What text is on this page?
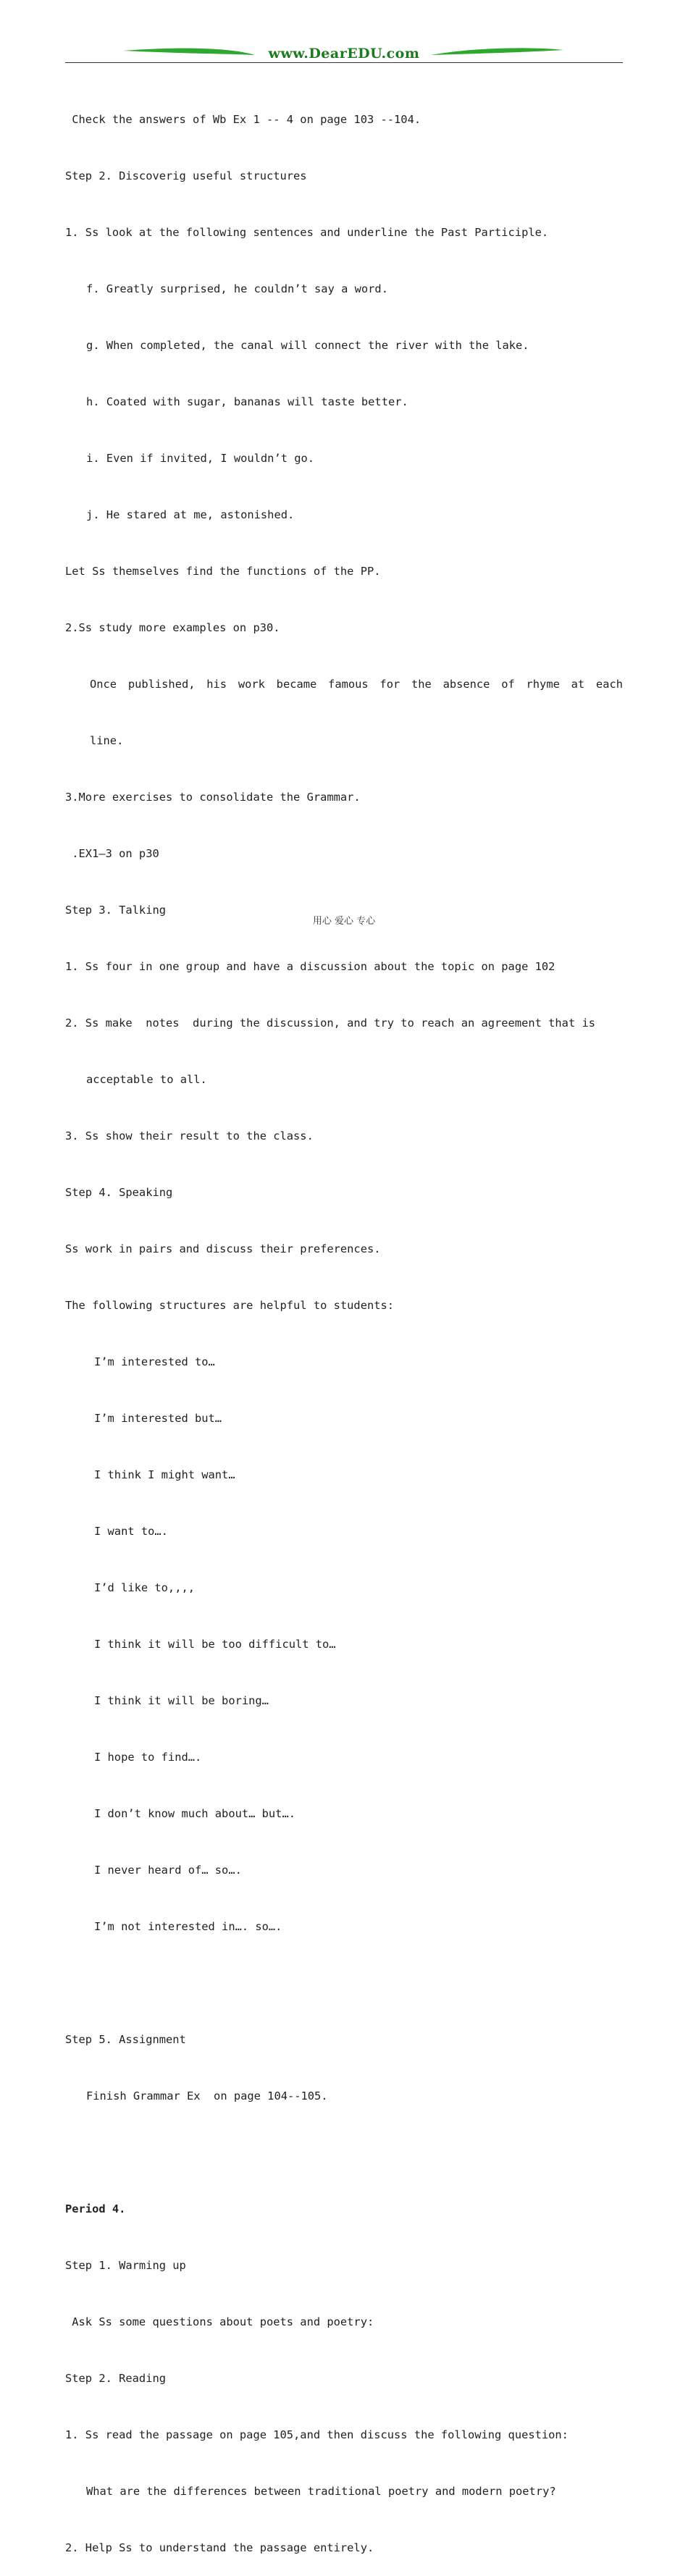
www.DearEDU.com

Check the answers of Wb Ex 1 -- 4 on page 103 --104.

Step 2. Discoverig useful structures

1. Ss look at the following sentences and underline the Past Participle.

f. Greatly surprised, he couldn’t say a word.

g. When completed, the canal will connect the river with the lake.

h. Coated with sugar, bananas will taste better.

i. Even if invited, I wouldn’t go.

j. He stared at me, astonished.

Let Ss themselves find the functions of the PP.

2.Ss study more examples on p30.

Once published, his work became famous for the absence of rhyme at each

line.

3.More exercises to consolidate the Grammar.

.EX1—3 on p30

Step 3. Talking

1. Ss four in one group and have a discussion about the topic on page 102

2. Ss make  notes  during the discussion, and try to reach an agreement that is

acceptable to all.

3. Ss show their result to the class.

Step 4. Speaking

Ss work in pairs and discuss their preferences.

The following structures are helpful to students:

I’m interested to…

I’m interested but…

I think I might want…

I want to….

I’d like to,,,,

I think it will be too difficult to…

I think it will be boring…

I hope to find….

I don’t know much about… but….

I never heard of… so….

I’m not interested in…. so….

Step 5. Assignment

Finish Grammar Ex  on page 104--105.

Period 4.

Step 1. Warming up

Ask Ss some questions about poets and poetry:

Step 2. Reading

1. Ss read the passage on page 105,and then discuss the following question:

What are the differences between traditional poetry and modern poetry?

2. Help Ss to understand the passage entirely.

用心 爱心 专心
